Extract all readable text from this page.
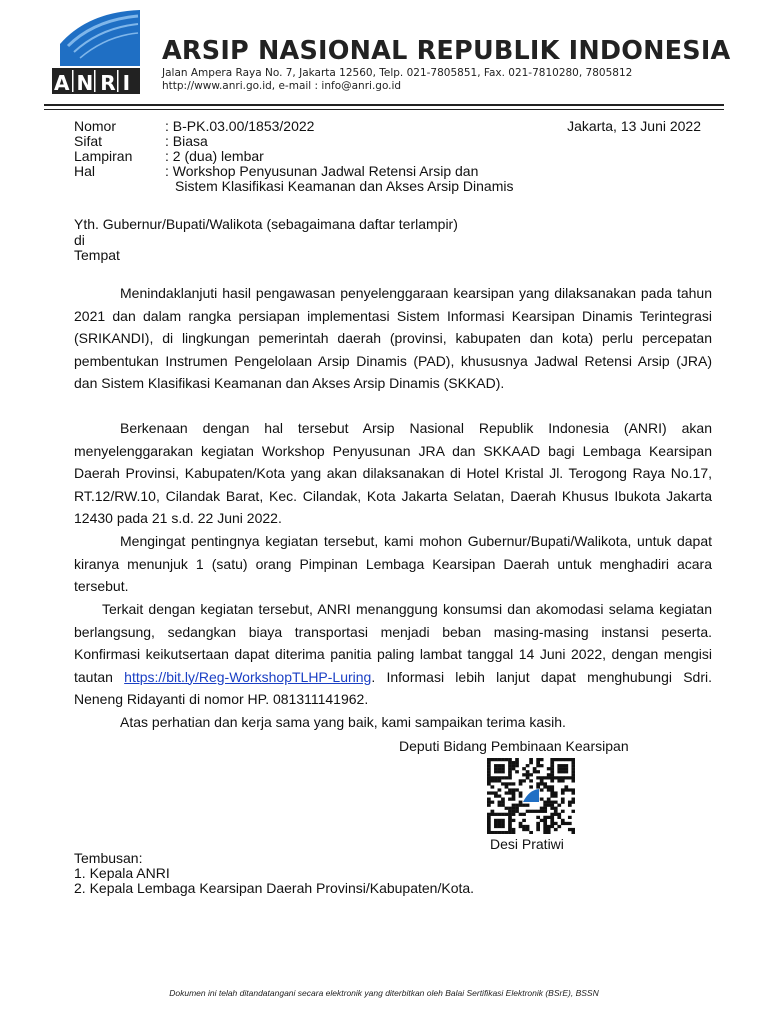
ANRI
ARSIP NASIONAL REPUBLIK INDONESIA
Jalan Ampera Raya No. 7, Jakarta 12560, Telp. 021-7805851, Fax. 021-7810280, 7805812
http://www.anri.go.id, e-mail : info@anri.go.id
Nomor	: B-PK.03.00/1853/2022
Sifat	: Biasa
Lampiran : 2 (dua) lembar
Hal	: Workshop Penyusunan Jadwal Retensi Arsip dan
Sistem Klasifikasi Keamanan dan Akses Arsip Dinamis
Jakarta, 13 Juni 2022
Yth. Gubernur/Bupati/Walikota (sebagaimana daftar terlampir)
di
Tempat

Menindaklanjuti hasil pengawasan penyelenggaraan kearsipan yang dilaksanakan pada tahun 2021 dan dalam rangka persiapan implementasi Sistem Informasi Kearsipan Dinamis Terintegrasi (SRIKANDI), di lingkungan pemerintah daerah (provinsi, kabupaten dan kota) perlu percepatan pembentukan Instrumen Pengelolaan Arsip Dinamis (PAD), khususnya Jadwal Retensi Arsip (JRA) dan Sistem Klasifikasi Keamanan dan Akses Arsip Dinamis (SKKAD).

Berkenaan dengan hal tersebut Arsip Nasional Republik Indonesia (ANRI) akan menyelenggarakan kegiatan Workshop Penyusunan JRA dan SKKAAD bagi Lembaga Kearsipan Daerah Provinsi, Kabupaten/Kota yang akan dilaksanakan di Hotel Kristal Jl. Terogong Raya No.17, RT.12/RW.10, Cilandak Barat, Kec. Cilandak, Kota Jakarta Selatan, Daerah Khusus Ibukota Jakarta 12430 pada 21 s.d. 22 Juni 2022.

Mengingat pentingnya kegiatan tersebut, kami mohon Gubernur/Bupati/Walikota, untuk dapat kiranya menunjuk 1 (satu) orang Pimpinan Lembaga Kearsipan Daerah untuk menghadiri acara tersebut.

Terkait dengan kegiatan tersebut, ANRI menanggung konsumsi dan akomodasi selama kegiatan berlangsung, sedangkan biaya transportasi menjadi beban masing-masing instansi peserta. Konfirmasi keikutsertaan dapat diterima panitia paling lambat tanggal 14 Juni 2022, dengan mengisi tautan https://bit.ly/Reg-WorkshopTLHP-Luring. Informasi lebih lanjut dapat menghubungi Sdri. Neneng Ridayanti di nomor HP. 081311141962.

Atas perhatian dan kerja sama yang baik, kami sampaikan terima kasih.
Deputi Bidang Pembinaan Kearsipan
Desi Pratiwi
Tembusan:
1. Kepala ANRI
2. Kepala Lembaga Kearsipan Daerah Provinsi/Kabupaten/Kota.
Dokumen ini telah ditandatangani secara elektronik yang diterbitkan oleh Balai Sertifikasi Elektronik (BSrE), BSSN
